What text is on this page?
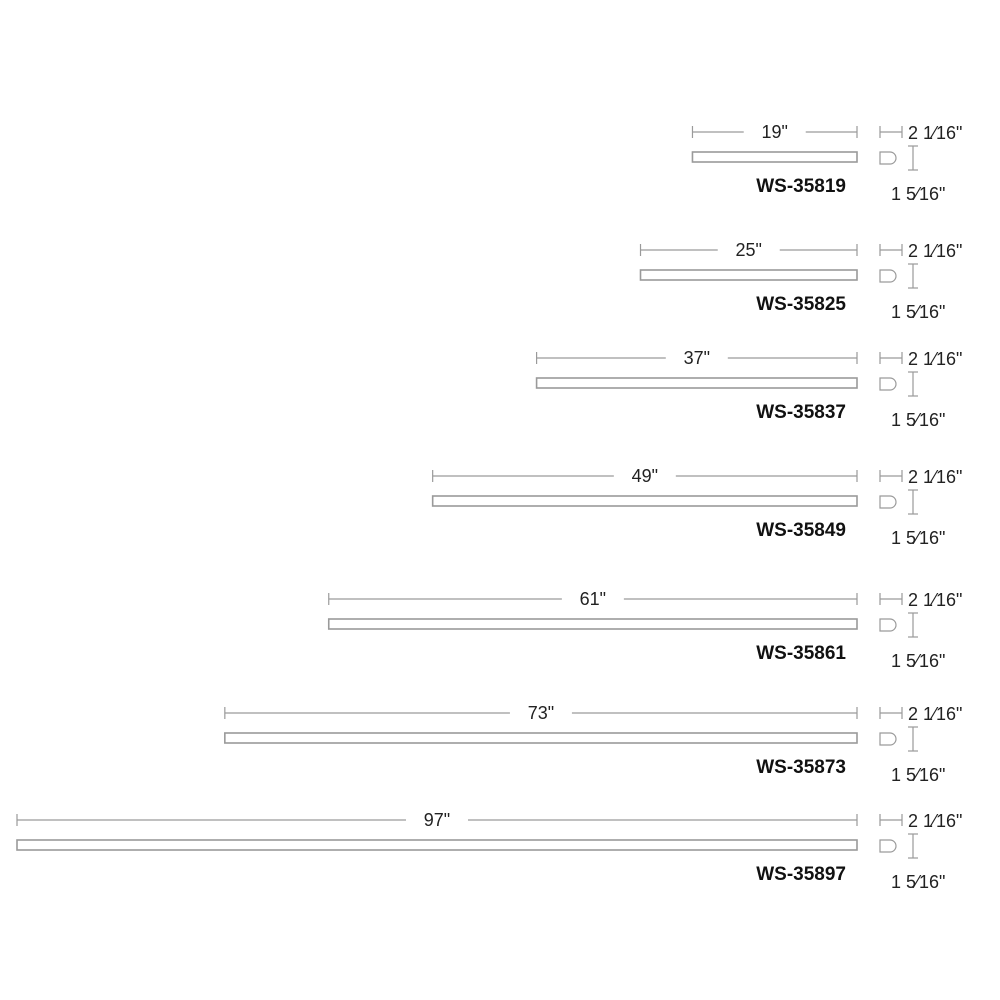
19"
WS-35819
2 1⁄16"
1 5⁄16"
25"
WS-35825
2 1⁄16"
1 5⁄16"
37"
WS-35837
2 1⁄16"
1 5⁄16"
49"
WS-35849
2 1⁄16"
1 5⁄16"
61"
WS-35861
2 1⁄16"
1 5⁄16"
73"
WS-35873
2 1⁄16"
1 5⁄16"
97"
WS-35897
2 1⁄16"
1 5⁄16"
